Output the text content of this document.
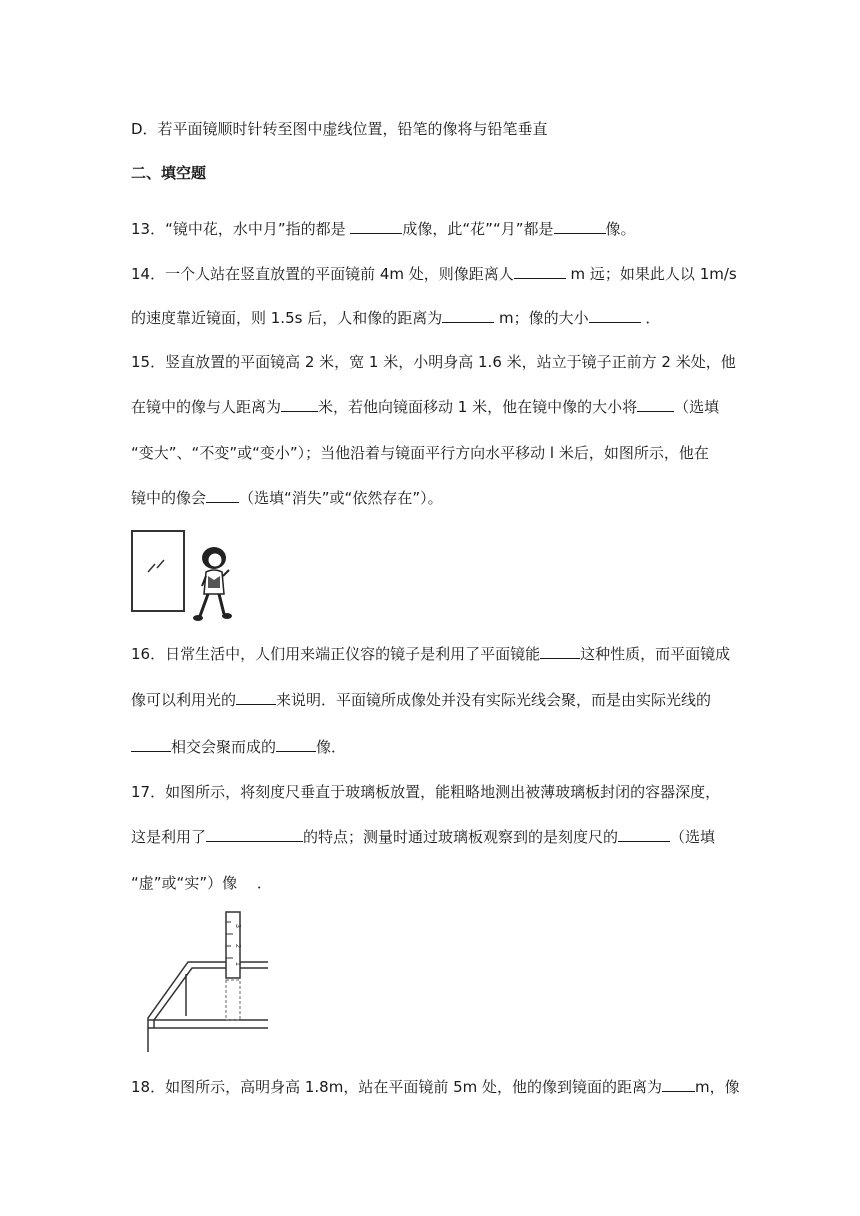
D．若平面镜顺时针转至图中虚线位置，铅笔的像将与铅笔垂直
二、填空题
13．“镜中花，水中月”指的都是	成像，此“花”“月”都是	像。
14．一个人站在竖直放置的平面镜前 4m 处，则像距离人	m 远；如果此人以 1m/s
的速度靠近镜面，则 1.5s 后，人和像的距离为	m；像的大小	．
15．竖直放置的平面镜高 2 米，宽 1 米，小明身高 1.6 米，站立于镜子正前方 2 米处，他
在镜中的像与人距离为 米，若他向镜面移动 1 米，他在镜中像的大小将 （选填
“变大”、“不变”或“变小”）；当他沿着与镜面平行方向水平移动 l 米后，如图所示，他在
镜中的像会 （选填“消失”或“依然存在”）。
16．日常生活中，人们用来端正仪容的镜子是利用了平面镜能	这种性质，而平面镜成
像可以利用光的	来说明．平面镜所成像处并没有实际光线会聚，而是由实际光线的
相交会聚而成的	像．
17．如图所示，将刻度尺垂直于玻璃板放置，能粗略地测出被薄玻璃板封闭的容器深度，
这是利用了	的特点；测量时通过玻璃板观察到的是刻度尺的	（选填
“虚”或“实”）像　 ．
1
2
3
18．如图所示，高明身高 1.8m，站在平面镜前 5m 处，他的像到镜面的距离为 m，像
